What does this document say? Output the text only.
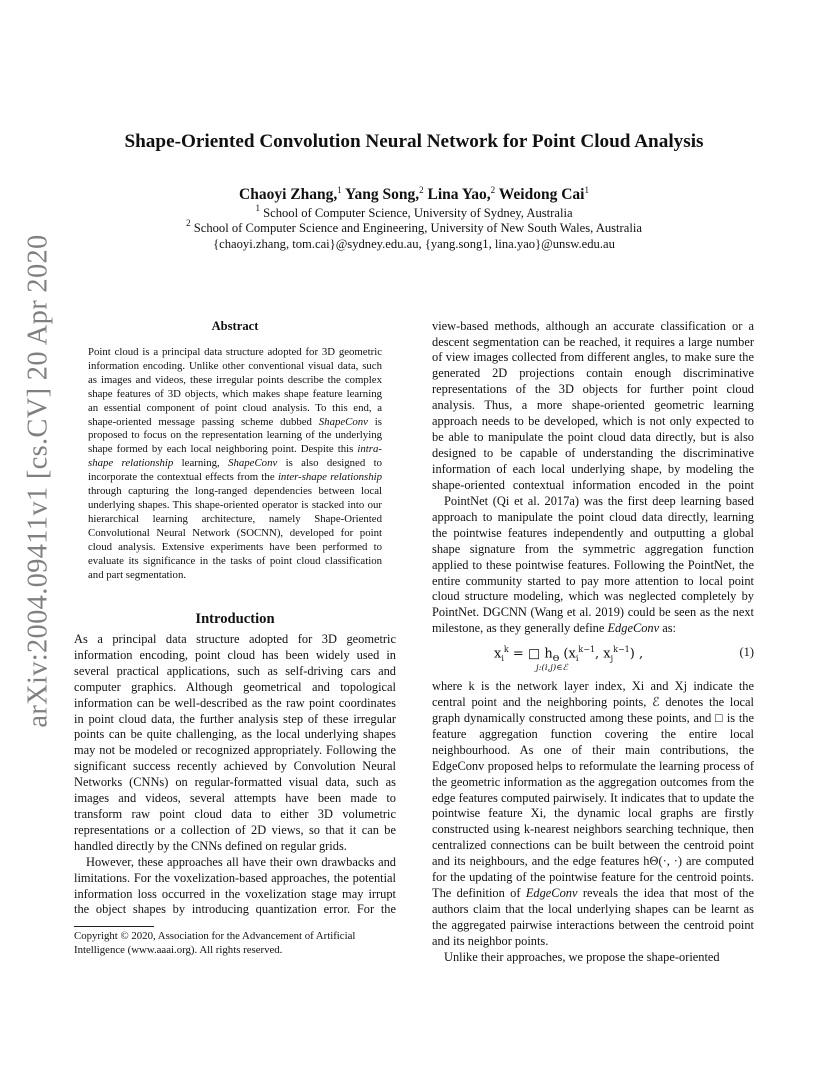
arXiv:2004.09411v1 [cs.CV] 20 Apr 2020
Shape-Oriented Convolution Neural Network for Point Cloud Analysis
Chaoyi Zhang,$^1$ Yang Song,$^2$ Lina Yao,$^2$ Weidong Cai$^1$
$^1$ School of Computer Science, University of Sydney, Australia
$^2$ School of Computer Science and Engineering, University of New South Wales, Australia
{chaoyi.zhang, tom.cai}@sydney.edu.au, {yang.song1, lina.yao}@unsw.edu.au
Abstract

Point cloud is a principal data structure adopted for 3D geometric information encoding. Unlike other conventional visual data, such as images and videos, these irregular points describe the complex shape features of 3D objects, which makes shape feature learning an essential component of point cloud analysis. To this end, a shape-oriented message passing scheme dubbed ShapeConv is proposed to focus on the representation learning of the underlying shape formed by each local neighboring point. Despite this intra-shape relationship learning, ShapeConv is also designed to incorporate the contextual effects from the inter-shape relationship through capturing the long-ranged dependencies between local underlying shapes. This shape-oriented operator is stacked into our hierarchical learning architecture, namely Shape-Oriented Convolutional Neural Network (SOCNN), developed for point cloud analysis. Extensive experiments have been performed to evaluate its significance in the tasks of point cloud classification and part segmentation.

Introduction

As a principal data structure adopted for 3D geometric information encoding, point cloud has been widely used in several practical applications, such as self-driving cars and computer graphics. Although geometrical and topological information can be well-described as the raw point coordinates in point cloud data, the further analysis step of these irregular points can be quite challenging, as the local underlying shapes may not be modeled or recognized appropriately. Following the significant success recently achieved by Convolution Neural Networks (CNNs) on regular-formatted visual data, such as images and videos, several attempts have been made to transform raw point cloud data to either 3D volumetric representations or a collection of 2D views, so that it can be handled directly by the CNNs defined on regular grids.

However, these approaches all have their own drawbacks and limitations. For the voxelization-based approaches, the potential information loss occurred in the voxelization stage may irrupt the object shapes by introducing quantization error. For the

view-based methods, although an accurate classification or a descent segmentation can be reached, it requires a large number of view images collected from different angles, to make sure the generated 2D projections contain enough discriminative representations of the 3D objects for further point cloud analysis. Thus, a more shape-oriented geometric learning approach needs to be developed, which is not only expected to be able to manipulate the point cloud data directly, but is also designed to be capable of understanding the discriminative information of each local underlying shape, by modeling the shape-oriented contextual information encoded in the point

PointNet (Qi et al. 2017a) was the first deep learning based approach to manipulate the point cloud data directly, learning the pointwise features independently and outputting a global shape signature from the symmetric aggregation function applied to these pointwise features. Following the PointNet, the entire community started to pay more attention to local point cloud structure modeling, which was neglected completely by PointNet. DGCNN (Wang et al. 2019) could be seen as the next milestone, as they generally define EdgeConv as:

$x_i^k$ = □ $h_\Theta$ ($x_i^{k-1}$, $x_j^{k-1}$) ,
j:(i,j)∈ℰ
(1)

where k is the network layer index, Xi and Xj indicate the central point and the neighboring points, ℰ denotes the local graph dynamically constructed among these points, and □ is the feature aggregation function covering the entire local neighbourhood. As one of their main contributions, the EdgeConv proposed helps to reformulate the learning process of the geometric information as the aggregation outcomes from the edge features computed pairwisely. It indicates that to update the pointwise feature Xi, the dynamic local graphs are firstly constructed using k-nearest neighbors searching technique, then centralized connections can be built between the centroid point and its neighbours, and the edge features hΘ(·, ·) are computed for the updating of the pointwise feature for the centroid points. The definition of EdgeConv reveals the idea that most of the authors claim that the local underlying shapes can be learnt as the aggregated pairwise interactions between the centroid point and its neighbor points.

Unlike their approaches, we propose the shape-oriented

Copyright © 2020, Association for the Advancement of Artificial Intelligence (www.aaai.org). All rights reserved.
